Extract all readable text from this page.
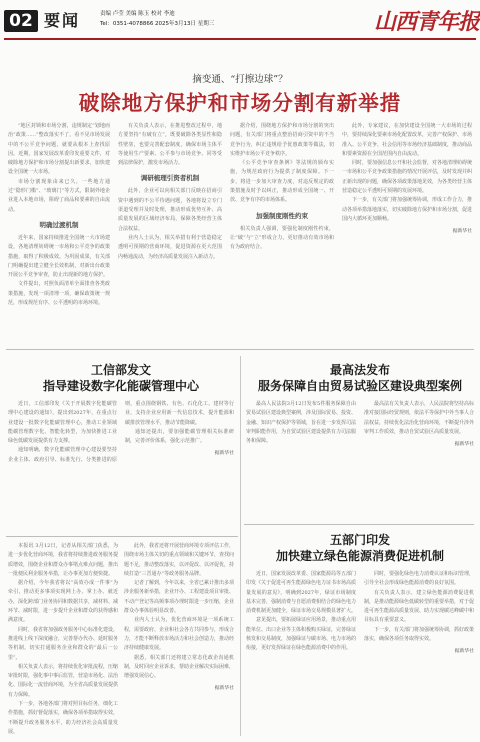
02 要闻	责编 卢莹 美编 陈玉 校对 李迪
Tel：0351-4078866 2025年3月13日 星期三	山西青年报
摘变通、“打擦边球”？
破除地方保护和市场分割有新举措

“地区封锁和市场分割，违规制定“划地而治”政策……”整改落实不了，看不见市场发展中的不公平竞争问题，就要从根本上查找原因。近期，国家发展改革委印发重要文件，对破除地方保护和市场分割提出新要求，加快建设全国统一大市场。

市场分割现象由来已久，一些地方通过“隐形门槛”、“玻璃门”等方式，限制外地企业进入本地市场，阻碍了商品和要素的自由流动。

明确过渡机制

近年来，国家持续推进全国统一大市场建设，各地清理妨碍统一市场和公平竞争的政策措施，取得了积极成效。为巩固成果，有关部门明确提出建立健全长效机制，对新出台政策开展公平竞争审查，防止出现新的地方保护。

文件提出，对照负面清单全面排查各类政策措施，发现一项清理一项，确保政策统一规范，形成规范有序、公平透明的市场环境。

有关负责人表示，在推进整改过程中，地方要坚持“有破有立”，既要破除各类显性和隐性壁垒，也要完善配套制度，确保市场主体平等使用生产要素、公平参与市场竞争、同等受到法律保护，激发市场活力。

调研梳理引资者机制

此外，企业可以向相关部门反映在招商引资中遇到的不公平待遇问题，各地将设立专门渠道受理并及时处理，推动形成优势互补、高质量发展的区域经济布局，保障各类经营主体合法权益。

业内人士认为，相关举措有利于营造稳定透明可预期的营商环境，促进资源在更大范围内畅通流动，为经济高质量发展注入新动力。

据介绍，围绕地方保护和市场分割的突出问题，有关部门将重点整治招商引资中的不当竞争行为，纠正违规给予优惠政策等做法，切实维护市场公平竞争秩序。

《公平竞争审查条例》等法规的颁布实施，为规范政府行为提供了制度保障。下一步，将进一步加大审查力度，对违反规定的政策措施及时予以纠正，推动形成全国统一、开放、竞争有序的市场体系。

加强制度刚性约束

相关负责人强调，要强化制度刚性约束，让“破”与“立”形成合力，更好推动有效市场和有为政府结合。

此外，专家建议，在加快建设全国统一大市场的过程中，要持续深化要素市场化配置改革，完善产权保护、市场准入、公平竞争、社会信用等市场经济基础制度，推动商品和要素资源在全国范围内自由流动。

同时，要加强信息公开和社会监督，对各地清理妨碍统一市场和公平竞争政策措施的情况开展评估，及时发现并纠正新出现的问题，确保各项政策落地见效，为各类经营主体营造稳定公平透明可预期的发展环境。

下一步，有关部门将加强统筹协调，形成工作合力，推动各项举措落地落实，切实破除地方保护和市场分割，促进国内大循环更加顺畅。

据新华社
工信部发文
指导建设数字化能碳管理中心

近日，工信部印发《关于开展数字化能碳管理中心建设的通知》，提出到2027年，在重点行业建设一批数字化能碳管理中心，推动工业领域能碳管理数字化、智能化转型，为加快推进工业绿色低碳发展提供有力支撑。

通知明确，数字化能碳管理中心建设要坚持企业主体、政府引导、标准先行、分类推进的原则，重点围绕钢铁、有色、石化化工、建材等行业，支持企业应用新一代信息技术，提升能源和碳排放管理水平，推动节能降碳。

通知还提出，要加强能碳管理相关标准研制，完善评价体系，强化示范推广。

据新华社
最高法发布
服务保障自由贸易试验区建设典型案例

最高人民法院3月12日发布5件服务保障自由贸易试验区建设典型案例，涉及国际贸易、投资、金融、知识产权保护等领域，旨在进一步发挥司法审判职能作用，为自贸试验区建设提供有力司法服务和保障。

最高法有关负责人表示，人民法院将坚持高标准对接国际经贸规则，依法平等保护中外当事人合法权益，持续优化法治化营商环境，不断提升涉外审判工作质效，推动自贸试验区高质量发展。

据新华社

本报讯 3月12日，记者从相关部门获悉，为进一步优化营商环境，我省将持续推进政务服务提质增效，围绕企业和群众办事堵点难点问题，推出一批便民利企服务举措，让办事更加方便快捷。

据介绍，今年我省将以“高效办成一件事”为牵引，推动更多事项实现网上办、掌上办、就近办，深化跨部门业务协同和数据共享，减材料、减环节、减时限，进一步提升企业和群众的获得感和满意度。

同时，我省将加强政务服务中心标准化建设，推进线上线下深度融合，完善帮办代办、延时服务等机制，切实打通服务企业和群众的“最后一公里”。

相关负责人表示，将持续优化审批流程，压缩审批时限，强化事中事后监管，营造市场化、法治化、国际化一流营商环境，为全省高质量发展提供有力保障。

下一步，各地各部门将对照目标任务，细化工作措施，抓好督促落实，确保各项举措取得实效，不断提升政务服务水平，助力经济社会高质量发展。

此外，我省还将开展营商环境专项评估工作，围绕市场主体关切的重点领域和关键环节，查找问题不足，推动整改落实，以评促改、以评促优，持续打造“三晋通办”等政务服务品牌。

记者了解到，今年以来，全省已累计推出多项涉企服务新举措，企业开办、工程建设项目审批、不动产登记等高频事项办理时限进一步压缩，企业群众办事体验明显改善。

业内人士认为，优化营商环境是一项系统工程，需要政府、企业和社会各方共同参与，形成合力，才能不断释放市场活力和社会创造力，推动经济持续健康发展。

据悉，相关部门还将建立常态化政企沟通机制，及时回应企业诉求，帮助企业解决实际困难，增强发展信心。

据新华社
五部门印发
加快建立绿色能源消费促进机制

近日，国家发展改革委、国家能源局等五部门印发《关于促进可再生能源绿色电力证书市场高质量发展的意见》，明确到2027年，绿证市场制度基本完善，强制消费与自愿消费相结合的绿色电力消费机制更加健全，绿证市场交易规模显著扩大。

意见提出，要拓展绿证应用场景，推动重点用能单位、出口企业等主体积极购买绿证，完善绿证核发和交易制度，加强绿证与碳市场、电力市场的衔接，更好发挥绿证在绿色能源消费中的作用。

同时，要强化绿色电力消费认证和标识管理，引导全社会形成绿色能源消费的良好氛围。

有关负责人表示，建立绿色能源消费促进机制，是推动能源绿色低碳转型的重要举措，对于促进可再生能源高质量发展、助力实现碳达峰碳中和目标具有重要意义。

下一步，有关部门将加强统筹协调，抓好政策落实，确保各项任务取得实效。

据新华社
